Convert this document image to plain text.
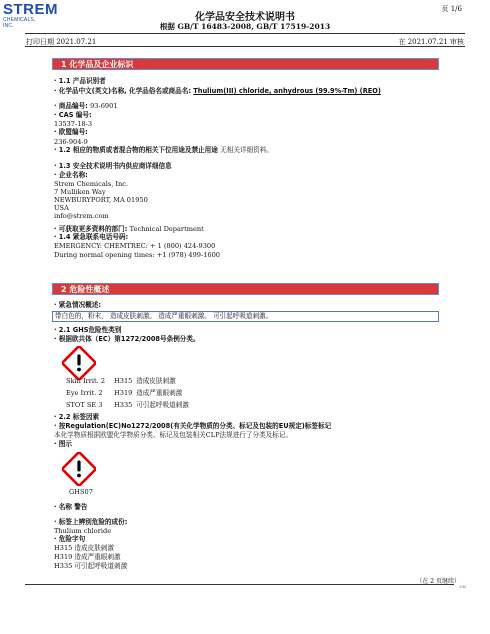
STREM
CHEMICALS, INC.
页 1/6
化学品安全技术说明书
根据 GB/T 16483-2008, GB/T 17519-2013
打印日期 2021.07.21	在 2021.07.21 审核
1 化学品及企业标识
· 1.1 产品识别者
· 化学品中文(英文)名称, 化学品俗名或商品名: Thulium(III) chloride, anhydrous (99.9%-Tm) (REO)
· 商品编号: 93-6901
· CAS 编号:
13537-18-3
· 欧盟编号:
236-904-9
· 1.2 相应的物质或者混合物的相关下位用途及禁止用途 无相关详细资料。
· 1.3 安全技术说明书内供应商详细信息
· 企业名称:
Strem Chemicals, Inc.
7 Mulliken Way
NEWBURYPORT, MA 01950
USA
info@strem.com
· 可获取更多资料的部门: Technical Department
· 1.4 紧急联系电话号码:
EMERGENCY: CHEMTREC: + 1 (800) 424-9300
During normal opening times: +1 (978) 499-1600
2 危险性概述
· 紧急情况概述:
带白色的，粉末， 造成皮肤刺激。 造成严重眼刺激。 可引起呼吸道刺激。
· 2.1 GHS危险性类别
· 根据欧共体（EC）第1272/2008号条例分类。
Skin Irrit. 2 H315 造成皮肤刺激
Eye Irrit. 2 H319 造成严重眼刺激
STOT SE 3 H335 可引起呼吸道刺激
· 2.2 标签因素
· 按Regulation(EC)No1272/2008(有关化学物质的分类、标记及包装的EU规定)标签标记
本化学物质根据欧盟化学物质分类、标记及包装相关CLP法规进行了分类及标记。
· 图示
GHS07
· 名称 警告
· 标签上辨别危险的成份:
Thulium chloride
· 危险字句
H315 造成皮肤刺激
H319 造成严重眼刺激
H335 可引起呼吸道刺激
（在 2 页继续）
CN
